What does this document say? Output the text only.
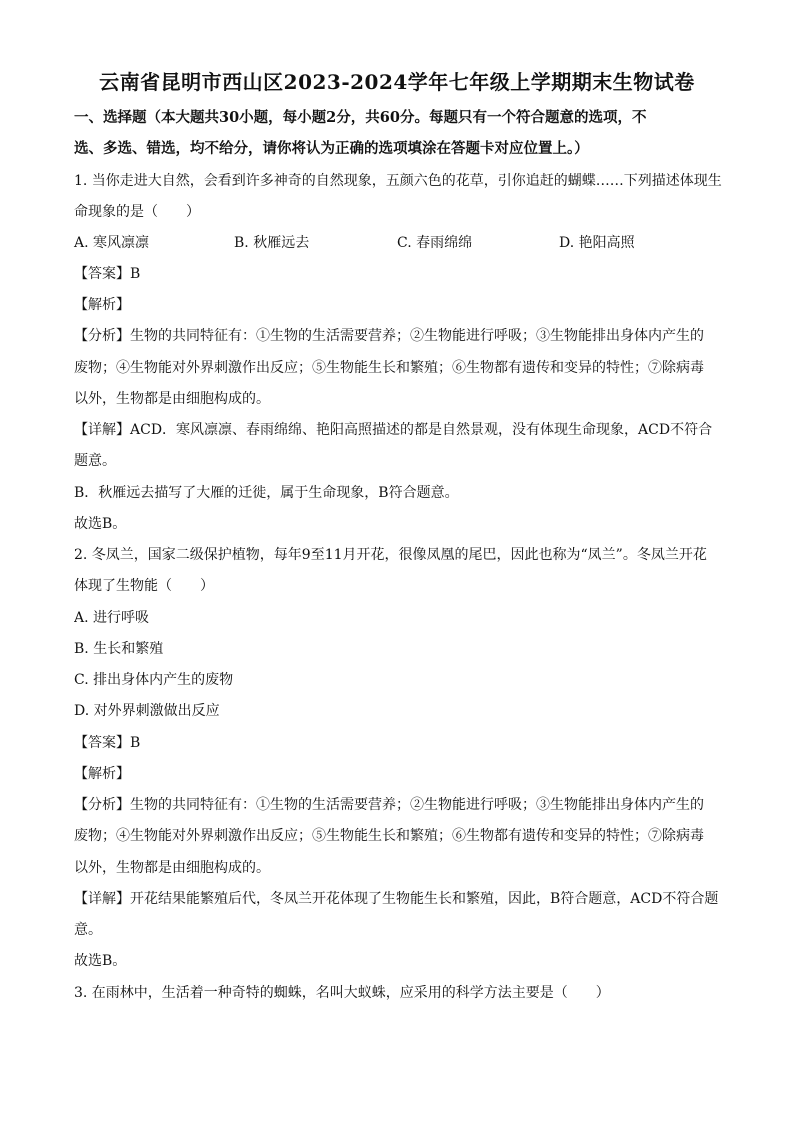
云南省昆明市西山区2023-2024学年七年级上学期期末生物试卷
一、选择题（本大题共30小题，每小题2分，共60分。每题只有一个符合题意的选项，不
选、多选、错选，均不给分，请你将认为正确的选项填涂在答题卡对应位置上。）
1. 当你走进大自然，会看到许多神奇的自然现象，五颜六色的花草，引你追赶的蝴蝶……下列描述体现生
命现象的是（　　）
A. 寒风凛凛	B. 秋雁远去	C. 春雨绵绵	D. 艳阳高照
【答案】B
【解析】
【分析】生物的共同特征有：①生物的生活需要营养；②生物能进行呼吸；③生物能排出身体内产生的
废物；④生物能对外界刺激作出反应；⑤生物能生长和繁殖；⑥生物都有遗传和变异的特性；⑦除病毒
以外，生物都是由细胞构成的。
【详解】ACD．寒风凛凛、春雨绵绵、艳阳高照描述的都是自然景观，没有体现生命现象，ACD不符合
题意。
B．秋雁远去描写了大雁的迁徙，属于生命现象，B符合题意。
故选B。
2. 冬凤兰，国家二级保护植物，每年9至11月开花，很像凤凰的尾巴，因此也称为“凤兰”。冬凤兰开花
体现了生物能（　　）
A. 进行呼吸
B. 生长和繁殖
C. 排出身体内产生的废物
D. 对外界刺激做出反应
【答案】B
【解析】
【分析】生物的共同特征有：①生物的生活需要营养；②生物能进行呼吸；③生物能排出身体内产生的
废物；④生物能对外界刺激作出反应；⑤生物能生长和繁殖；⑥生物都有遗传和变异的特性；⑦除病毒
以外，生物都是由细胞构成的。
【详解】开花结果能繁殖后代，冬凤兰开花体现了生物能生长和繁殖，因此，B符合题意，ACD不符合题
意。
故选B。
3. 在雨林中，生活着一种奇特的蜘蛛，名叫大蚁蛛，应采用的科学方法主要是（　　）
